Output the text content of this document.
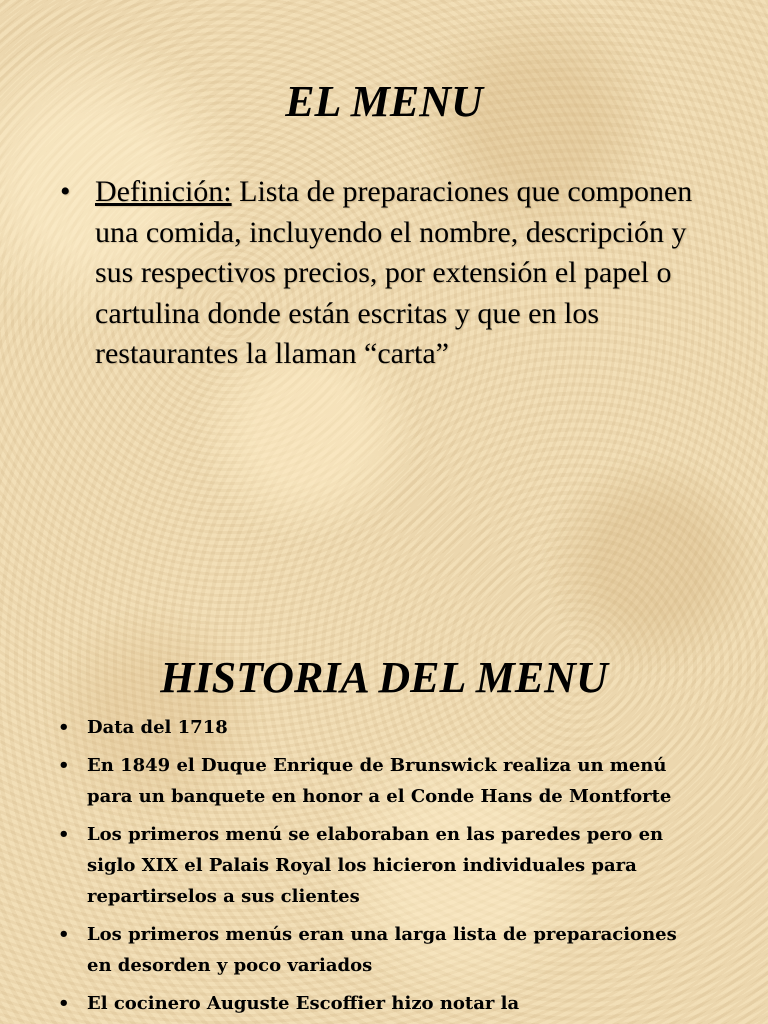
EL MENU
• Definición: Lista de preparaciones que componen una comida, incluyendo el nombre, descripción y sus respectivos precios, por extensión el papel o cartulina donde están escritas y que en los restaurantes la llaman “carta”
HISTORIA DEL MENU
• Data del 1718
• En 1849 el Duque Enrique de Brunswick realiza un menú para un banquete en honor a el Conde Hans de Montforte
• Los primeros menú se elaboraban en las paredes pero en siglo XIX el Palais Royal los hicieron individuales para repartirselos a sus clientes
• Los primeros menús eran una larga lista de preparaciones en desorden y poco variados
• El cocinero Auguste Escoffier hizo notar la
